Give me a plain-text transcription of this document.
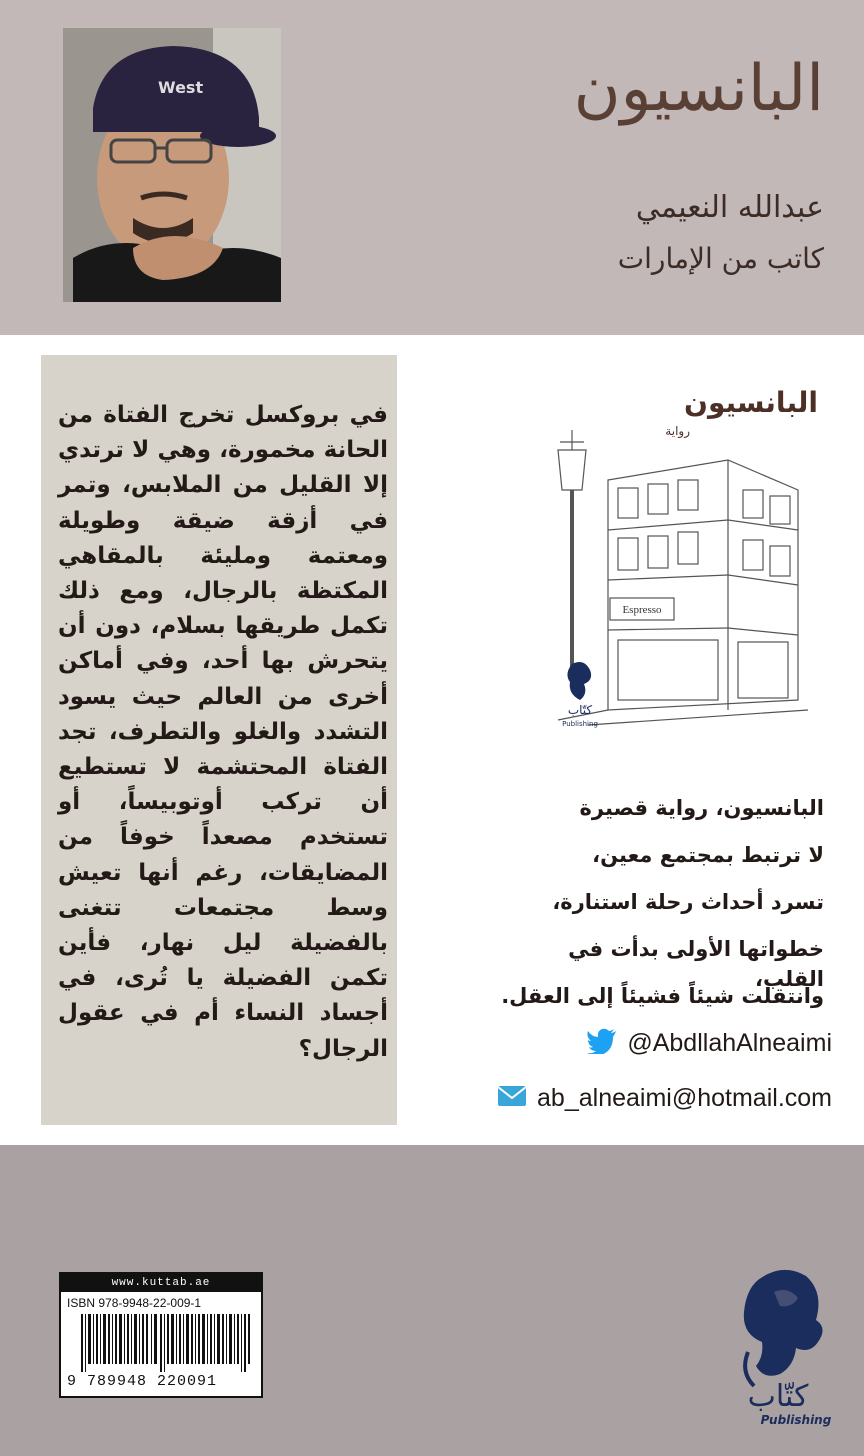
West	البانسيون
عبدالله النعيمي
كاتب من الإمارات
في بروكسل تخرج الفتاة من الحانة مخمورة، وهي لا ترتدي إلا القليل من الملابس، وتمر في أزقة ضيقة وطويلة ومعتمة ومليئة بالمقاهي المكتظة بالرجال، ومع ذلك تكمل طريقها بسلام، دون أن يتحرش بها أحد، وفي أماكن أخرى من العالم حيث يسود التشدد والغلو والتطرف، تجد الفتاة المحتشمة لا تستطيع أن تركب أوتوبيساً، أو تستخدم مصعداً خوفاً من المضايقات، رغم أنها تعيش وسط مجتمعات تتغنى بالفضيلة ليل نهار، فأين تكمن الفضيلة يا تُرى، في أجساد النساء أم في عقول الرجال؟
Espresso
كتّاب
Publishing
البانسيون
رواية
البانسيون، رواية قصيرة
لا ترتبط بمجتمع معين،
تسرد أحداث رحلة استنارة،
خطواتها الأولى بدأت في القلب،
وانتقلت شيئاً فشيئاً إلى العقل.
@AbdllahAlneaimi
ab_alneaimi@hotmail.com
www.kuttab.ae
ISBN 978-9948-22-009-1
9 789948 220091	كتّاب
Publishing
